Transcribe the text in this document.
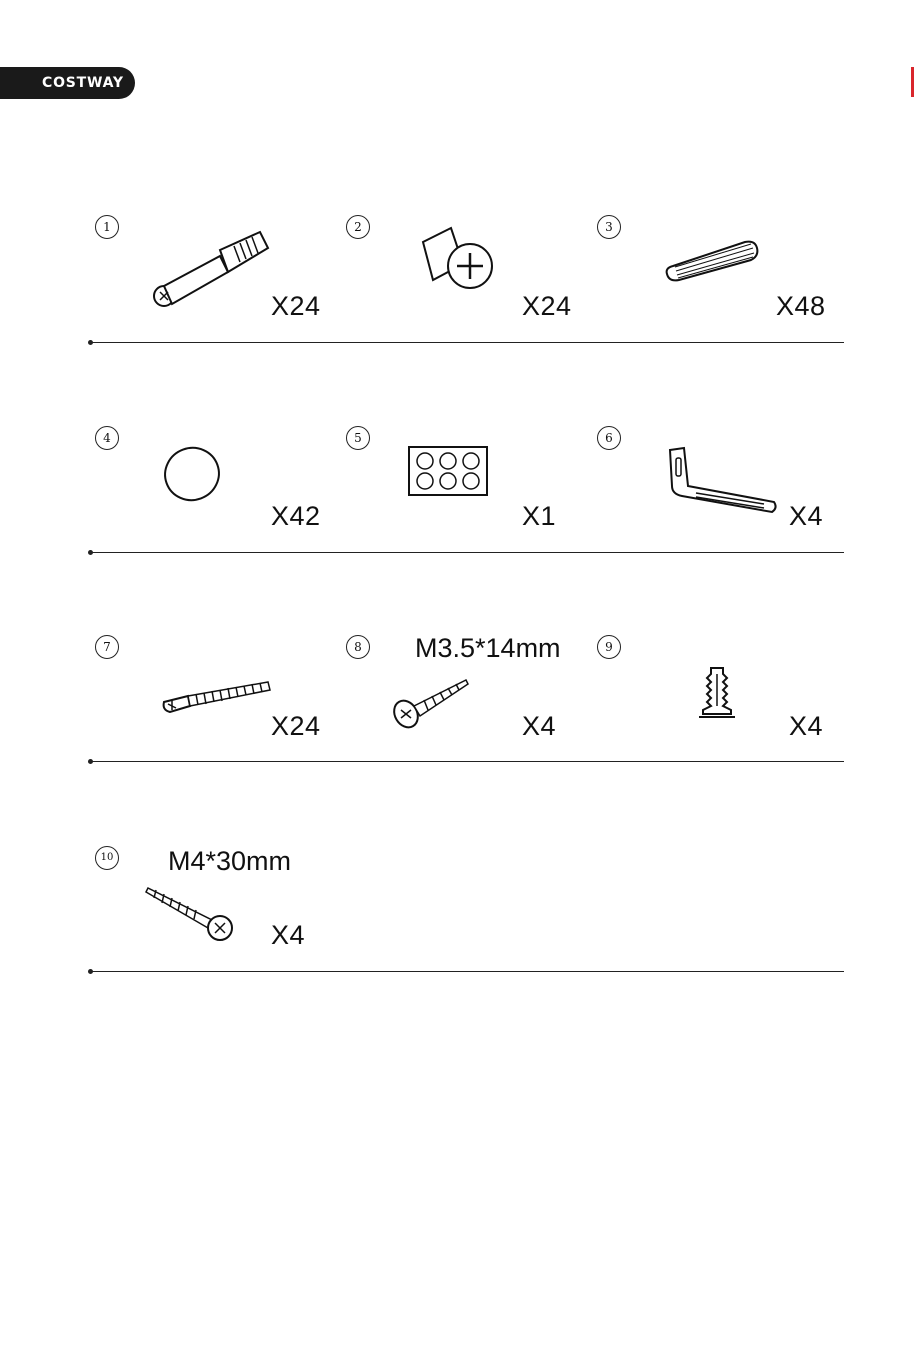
COSTWAY
1
X24
2
X24
3
X48
4
X42
5
X1
6
X4
7
X24
8	M3.5*14mm
X4
9
X4
10 M4*30mm
X4
